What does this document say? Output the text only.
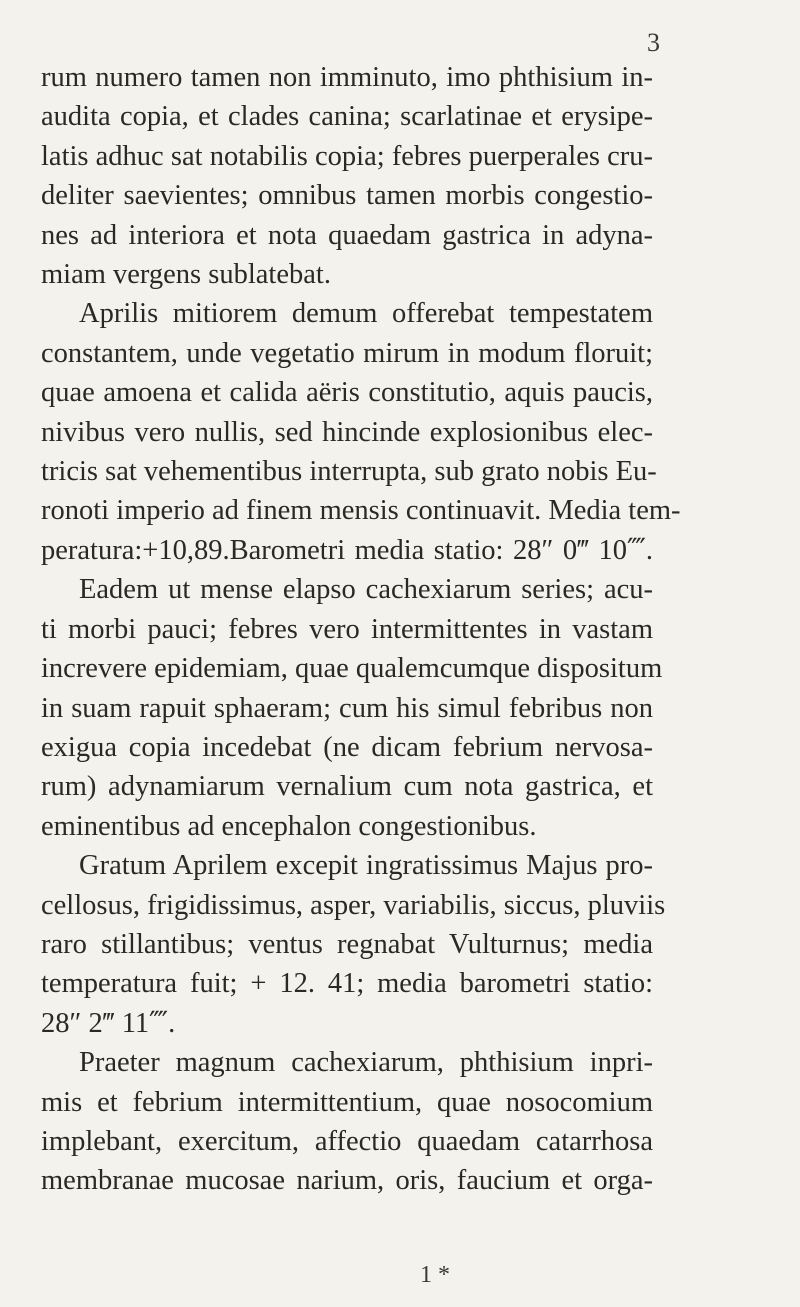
3
rum numero tamen non imminuto, imo phthisium in-
audita copia, et clades canina; scarlatinae et erysipe-
latis adhuc sat notabilis copia; febres puerperales cru-
deliter saevientes; omnibus tamen morbis congestio-
nes ad interiora et nota quaedam gastrica in adyna-
miam vergens sublatebat.
Aprilis mitiorem demum offerebat tempestatem
constantem, unde vegetatio mirum in modum floruit;
quae amoena et calida aëris constitutio, aquis paucis,
nivibus vero nullis, sed hincinde explosionibus elec-
tricis sat vehementibus interrupta, sub grato nobis Eu-
ronoti imperio ad finem mensis continuavit. Media tem-
peratura:+10,89.Barometri media statio: 28″ 0‴ 10⁗.
Eadem ut mense elapso cachexiarum series; acu-
ti morbi pauci; febres vero intermittentes in vastam
increvere epidemiam, quae qualemcumque dispositum
in suam rapuit sphaeram; cum his simul febribus non
exigua copia incedebat (ne dicam febrium nervosa-
rum) adynamiarum vernalium cum nota gastrica, et
eminentibus ad encephalon congestionibus.
Gratum Aprilem excepit ingratissimus Majus pro-
cellosus, frigidissimus, asper, variabilis, siccus, pluviis
raro stillantibus; ventus regnabat Vulturnus; media
temperatura fuit; + 12. 41; media barometri statio:
28″ 2‴ 11⁗.
Praeter magnum cachexiarum, phthisium inpri-
mis et febrium intermittentium, quae nosocomium
implebant, exercitum, affectio quaedam catarrhosa
membranae mucosae narium, oris, faucium et orga-
1 *
